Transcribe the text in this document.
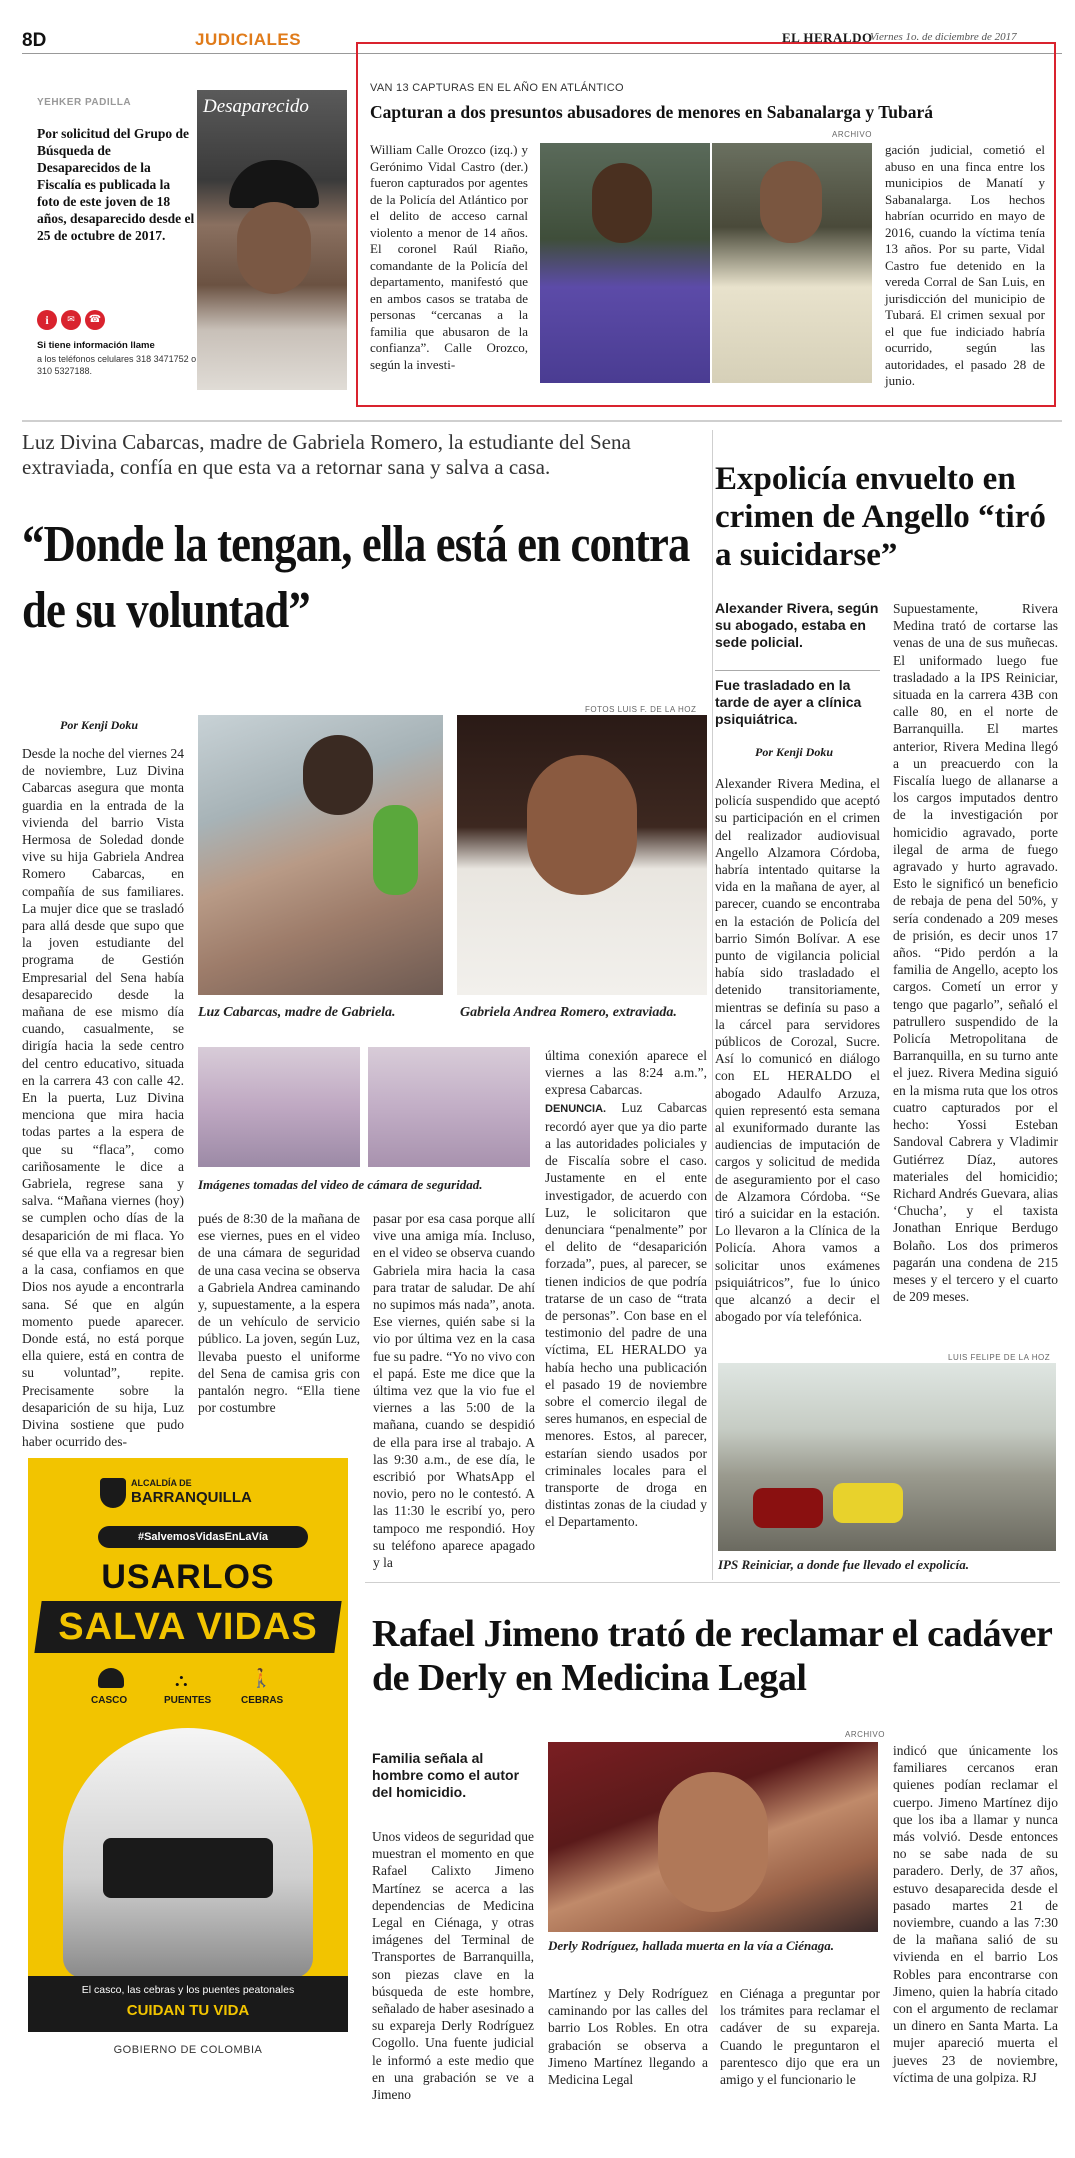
8D	JUDICIALES	EL HERALDO
Viernes 1o. de diciembre de 2017
YEHKER PADILLA
Por solicitud del Grupo de Búsqueda de Desaparecidos de la Fiscalía es publicada la foto de este joven de 18 años, desaparecido desde el 25 de octubre de 2017.
i	✉	☎
Si tiene información llame
a los teléfonos celulares 318 3471752 o 310 5327188.
Desaparecido
VAN 13 CAPTURAS EN EL AÑO EN ATLÁNTICO
Capturan a dos presuntos abusadores de menores en Sabanalarga y Tubará
ARCHIVO
William Calle Orozco (izq.) y Gerónimo Vidal Castro (der.) fueron capturados por agentes de la Policía del Atlántico por el delito de acceso carnal violento a menor de 14 años. El coronel Raúl Riaño, comandante de la Policía del departamento, manifestó que en ambos casos se trataba de personas “cercanas a la familia que abusaron de la confianza”. Calle Orozco, según la investi-
gación judicial, cometió el abuso en una finca entre los municipios de Manatí y Sabanalarga. Los hechos habrían ocurrido en mayo de 2016, cuando la víctima tenía 13 años. Por su parte, Vidal Castro fue detenido en la vereda Corral de San Luis, en jurisdicción del municipio de Tubará. El crimen sexual por el que fue indiciado habría ocurrido, según las autoridades, el pasado 28 de junio.
Luz Divina Cabarcas, madre de Gabriela Romero, la estudiante del Sena extraviada, confía en que esta va a retornar sana y salva a casa.
“Donde la tengan, ella está en contra de su voluntad”
Por Kenji Doku
FOTOS LUIS F. DE LA HOZ
Luz Cabarcas, madre de Gabriela.	Gabriela Andrea Romero, extraviada.
Imágenes tomadas del video de cámara de seguridad.
Desde la noche del viernes 24 de noviembre, Luz Divina Cabarcas asegura que monta guardia en la entrada de la vivienda del barrio Vista Hermosa de Soledad donde vive su hija Gabriela Andrea Romero Cabarcas, en compañía de sus familiares. La mujer dice que se trasladó para allá desde que supo que la joven estudiante del programa de Gestión Empresarial del Sena había desaparecido desde la mañana de ese mismo día cuando, casualmente, se dirigía hacia la sede centro del centro educativo, situada en la carrera 43 con calle 42. En la puerta, Luz Divina menciona que mira hacia todas partes a la espera de que su “flaca”, como cariñosamente le dice a Gabriela, regrese sana y salva. “Mañana viernes (hoy) se cumplen ocho días de la desaparición de mi flaca. Yo sé que ella va a regresar bien a la casa, confiamos en que Dios nos ayude a encontrarla sana. Sé que en algún momento puede aparecer. Donde está, no está porque ella quiere, está en contra de su voluntad”, repite. Precisamente sobre la desaparición de su hija, Luz Divina sostiene que pudo haber ocurrido des-
pués de 8:30 de la mañana de ese viernes, pues en el video de una cámara de seguridad de una casa vecina se observa a Gabriela Andrea caminando y, supuestamente, a la espera de un vehículo de servicio público. La joven, según Luz, llevaba puesto el uniforme del Sena de camisa gris con pantalón negro. “Ella tiene por costumbre
pasar por esa casa porque allí vive una amiga mía. Incluso, en el video se observa cuando Gabriela mira hacia la casa para tratar de saludar. De ahí no supimos más nada”, anota. Ese viernes, quién sabe si la vio por última vez en la casa fue su padre. “Yo no vivo con el papá. Este me dice que la última vez que la vio fue el viernes a las 5:00 de la mañana, cuando se despidió de ella para irse al trabajo. A las 9:30 a.m., de ese día, le escribió por WhatsApp el novio, pero no le contestó. A las 11:30 le escribí yo, pero tampoco me respondió. Hoy su teléfono aparece apagado y la
última conexión aparece el viernes a las 8:24 a.m.”, expresa Cabarcas.
DENUNCIA. Luz Cabarcas recordó ayer que ya dio parte a las autoridades policiales y de Fiscalía sobre el caso. Justamente en el ente investigador, de acuerdo con Luz, le solicitaron que denunciara “penalmente” por el delito de “desaparición forzada”, pues, al parecer, se tienen indicios de que podría tratarse de un caso de “trata de personas”. Con base en el testimonio del padre de una víctima, EL HERALDO ya había hecho una publicación el pasado 19 de noviembre sobre el comercio ilegal de seres humanos, en especial de menores. Estos, al parecer, estarían siendo usados por criminales locales para el transporte de droga en distintas zonas de la ciudad y el Departamento.
Expolicía envuelto en crimen de Angello “tiró a suicidarse”
Alexander Rivera, según su abogado, estaba en sede policial.
Fue trasladado en la tarde de ayer a clínica psiquiátrica.
Por Kenji Doku
Alexander Rivera Medina, el policía suspendido que aceptó su participación en el crimen del realizador audiovisual Angello Alzamora Córdoba, habría intentado quitarse la vida en la mañana de ayer, al parecer, cuando se encontraba en la estación de Policía del barrio Simón Bolívar. A ese punto de vigilancia policial había sido trasladado el detenido transitoriamente, mientras se definía su paso a la cárcel para servidores públicos de Corozal, Sucre. Así lo comunicó en diálogo con EL HERALDO el abogado Adaulfo Arzuza, quien representó esta semana al exuniformado durante las audiencias de imputación de cargos y solicitud de medida de aseguramiento por el caso de Alzamora Córdoba. “Se tiró a suicidar en la estación. Lo llevaron a la Clínica de la Policía. Ahora vamos a solicitar unos exámenes psiquiátricos”, fue lo único que alcanzó a decir el abogado por vía telefónica.
Supuestamente, Rivera Medina trató de cortarse las venas de una de sus muñecas. El uniformado luego fue trasladado a la IPS Reiniciar, situada en la carrera 43B con calle 80, en el norte de Barranquilla. El martes anterior, Rivera Medina llegó a un preacuerdo con la Fiscalía luego de allanarse a los cargos imputados dentro de la investigación por homicidio agravado, porte ilegal de arma de fuego agravado y hurto agravado. Esto le significó un beneficio de rebaja de pena del 50%, y sería condenado a 209 meses de prisión, es decir unos 17 años. “Pido perdón a la familia de Angello, acepto los cargos. Cometí un error y tengo que pagarlo”, señaló el patrullero suspendido de la Policía Metropolitana de Barranquilla, en su turno ante el juez. Rivera Medina siguió en la misma ruta que los otros cuatro capturados por el hecho: Yossi Esteban Sandoval Cabrera y Vladimir Gutiérrez Díaz, autores materiales del homicidio; Richard Andrés Guevara, alias ‘Chucha’, y el taxista Jonathan Enrique Berdugo Bolaño. Los dos primeros pagarán una condena de 215 meses y el tercero y el cuarto de 209 meses.
LUIS FELIPE DE LA HOZ
IPS Reiniciar, a donde fue llevado el expolicía.
ALCALDÍA DE
BARRANQUILLA
#SalvemosVidasEnLaVía
USARLOS
SALVA VIDAS
⛬	🚶
CASCO	PUENTES	CEBRAS
El casco, las cebras y los puentes peatonales
CUIDAN TU VIDA
GOBIERNO DE COLOMBIA
Rafael Jimeno trató de reclamar el cadáver de Derly en Medicina Legal
Familia señala al hombre como el autor del homicidio.
Unos videos de seguridad que muestran el momento en que Rafael Calixto Jimeno Martínez se acerca a las dependencias de Medicina Legal en Ciénaga, y otras imágenes del Terminal de Transportes de Barranquilla, son piezas clave en la búsqueda de este hombre, señalado de haber asesinado a su expareja Derly Rodríguez Cogollo. Una fuente judicial le informó a este medio que en una grabación se ve a Jimeno
ARCHIVO
Derly Rodríguez, hallada muerta en la vía a Ciénaga.
Martínez y Dely Rodríguez caminando por las calles del barrio Los Robles. En otra grabación se observa a Jimeno Martínez llegando a Medicina Legal
en Ciénaga a preguntar por los trámites para reclamar el cadáver de su expareja. Cuando le preguntaron el parentesco dijo que era un amigo y el funcionario le
indicó que únicamente los familiares cercanos eran quienes podían reclamar el cuerpo. Jimeno Martínez dijo que los iba a llamar y nunca más volvió. Desde entonces no se sabe nada de su paradero. Derly, de 37 años, estuvo desaparecida desde el pasado martes 21 de noviembre, cuando a las 7:30 de la mañana salió de su vivienda en el barrio Los Robles para encontrarse con Jimeno, quien la habría citado con el argumento de reclamar un dinero en Santa Marta. La mujer apareció muerta el jueves 23 de noviembre, víctima de una golpiza. RJ
